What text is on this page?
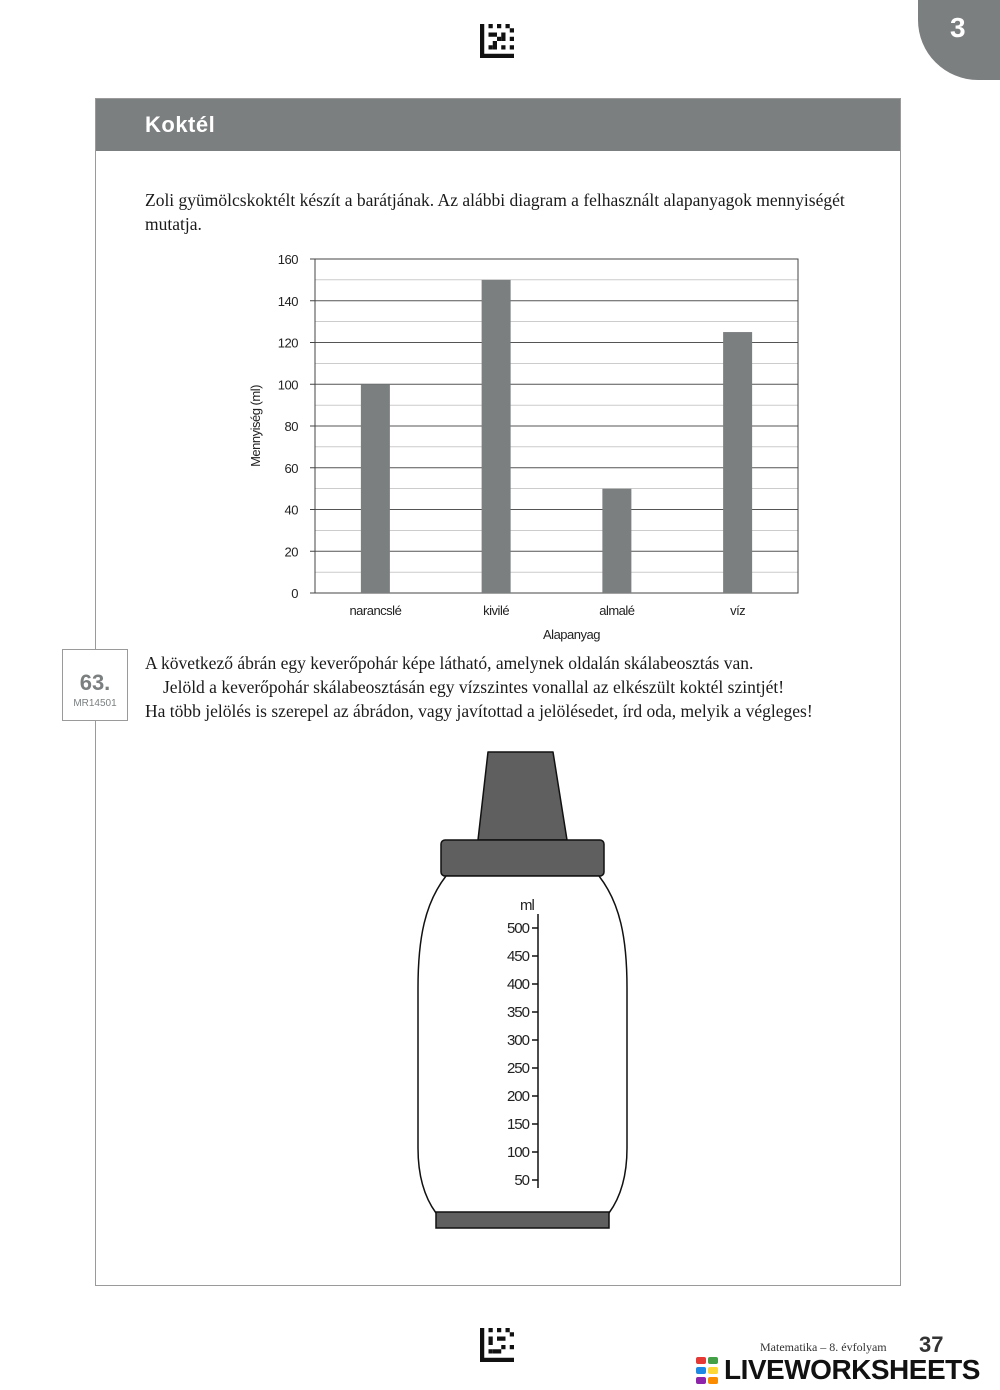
3
Koktél
Zoli gyümölcskoktélt készít a barátjának. Az alábbi diagram a felhasznált alapanyagok mennyiségét mutatja.
0
20
40
60
80
100
120
140
160
narancslé	kivilé	almalé	víz
Mennyiség (ml)
Alapanyag
63.
MR14501

A következő ábrán egy keverőpohár képe látható, amelynek oldalán skálabeosztás van.

Jelöld a keverőpohár skálabeosztásán egy vízszintes vonallal az elkészült koktél szintjét!

Ha több jelölés is szerepel az ábrádon, vagy javítottad a jelölésedet, írd oda, melyik a végleges!

ml
500
450
400
350
300
250
200
150
100
50
Matematika – 8. évfolyam 37
LIVEWORKSHEETS
